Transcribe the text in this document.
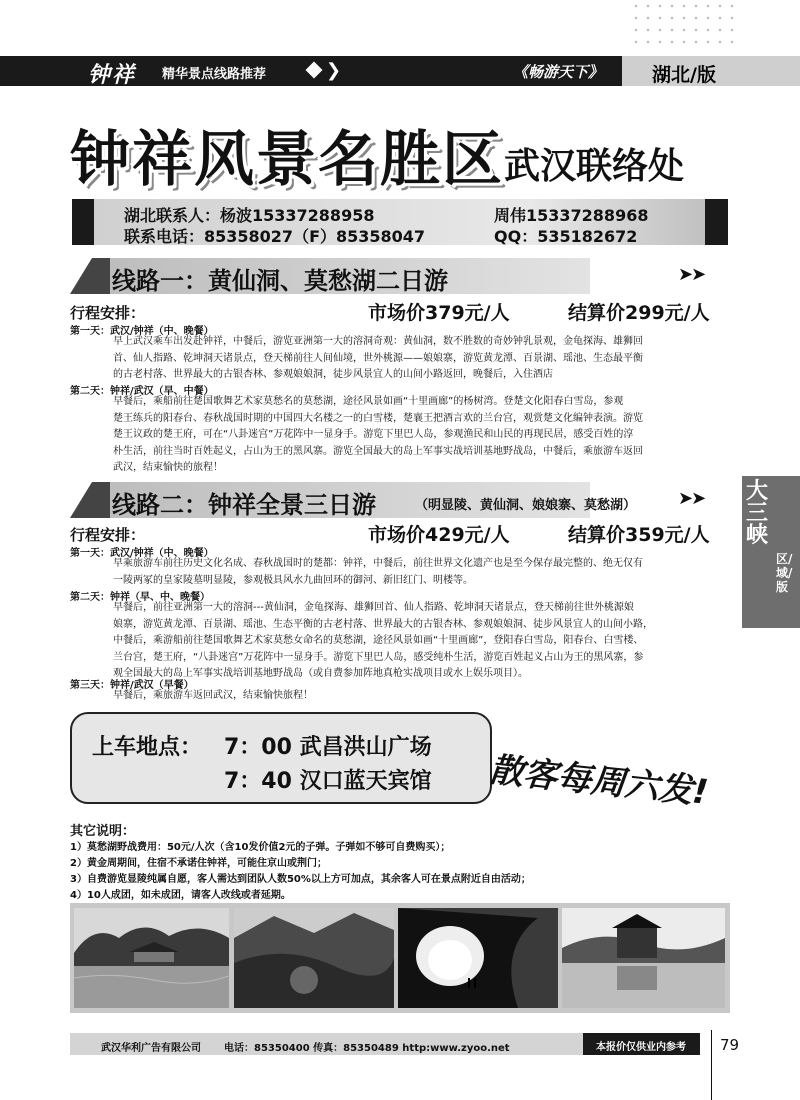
钟祥 精华景点线路推荐	❯	《畅游天下》	湖北/版
钟祥风景名胜区 武汉联络处
湖北联系人：杨波15337288958	周伟15337288968
联系电话：85358027（F）85358047	QQ：535182672
线路一：黄仙洞、莫愁湖二日游	➤➤
行程安排：	市场价379元/人	结算价299元/人
第一天：武汉/钟祥（中、晚餐）
早上武汉乘车出发赴钟祥，中餐后，游览亚洲第一大的溶洞奇观：黄仙洞，数不胜数的奇妙钟乳景观，金龟探海、雄狮回
首、仙人指路、乾坤洞天诸景点，登天梯前往人间仙境，世外桃源——娘娘寨，游览黄龙潭、百景湖、瑶池、生态最平衡
的古老村落、世界最大的古银杏林、参观娘娘洞，徒步风景宜人的山间小路返回，晚餐后，入住酒店
第二天：钟祥/武汉（早、中餐）
早餐后，乘船前往楚国歌舞艺术家莫愁名的莫愁湖，途径风景如画“十里画廊”的杨树湾。登楚文化阳春白雪岛，参观
楚王练兵的阳春台、春秋战国时期的中国四大名楼之一的白雪楼，楚襄王把酒言欢的兰台宫，观赏楚文化编钟表演。游览
楚王议政的楚王府，可在“八卦迷宫”万花阵中一显身手。游览下里巴人岛，参观渔民和山民的再现民居，感受百姓的淳
朴生活，前往当时百姓起义，占山为王的黑风寨。游览全国最大的岛上军事实战培训基地野战岛，中餐后，乘旅游车返回
武汉，结束愉快的旅程！
线路二：钟祥全景三日游	（明显陵、黄仙洞、娘娘寨、莫愁湖） ➤➤
行程安排：	市场价429元/人	结算价359元/人
第一天：武汉/钟祥（中、晚餐）
早乘旅游车前往历史文化名成、春秋战国时的楚都：钟祥，中餐后，前往世界文化遗产也是至今保存最完整的、绝无仅有
一陵两冢的皇家陵墓明显陵，参观极具风水九曲回环的御河、新旧红门、明楼等。
第二天：钟祥（早、中、晚餐）
早餐后，前往亚洲第一大的溶洞---黄仙洞，金龟探海、雄狮回首、仙人指路、乾坤洞天诸景点，登天梯前往世外桃源娘
娘寨，游览黄龙潭、百景湖、瑶池、生态平衡的古老村落、世界最大的古银杏林、参观娘娘洞、徒步风景宜人的山间小路，
中餐后，乘游船前往楚国歌舞艺术家莫愁女命名的莫愁湖，途径风景如画“十里画廊”，登阳春白雪岛，阳春台、白雪楼、
兰台宫，楚王府，“八卦迷宫”万花阵中一显身手。游览下里巴人岛，感受纯朴生活，游览百姓起义占山为王的黑风寨，参
观全国最大的岛上军事实战培训基地野战岛（或自费参加阵地真枪实战项目或水上娱乐项目）。
第三天：钟祥/武汉（早餐）
早餐后，乘旅游车返回武汉，结束愉快旅程！
大三峡
区/域/版
上车地点： 7：00 武昌洪山广场
7：40 汉口蓝天宾馆 散客每周六发!
其它说明：
1）莫愁湖野战费用：50元/人次（含10发价值2元的子弹。子弹如不够可自费购买）；
2）黄金周期间，住宿不承诺住钟祥，可能住京山或荆门；
3）自费游览显陵纯属自愿，客人需达到团队人数50%以上方可加点，其余客人可在景点附近自由活动；
4）10人成团，如未成团，请客人改线或者延期。
武汉华利广告有限公司 电话：85350400 传真：85350489 http:www.zyoo.net	本报价仅供业内参考 79
